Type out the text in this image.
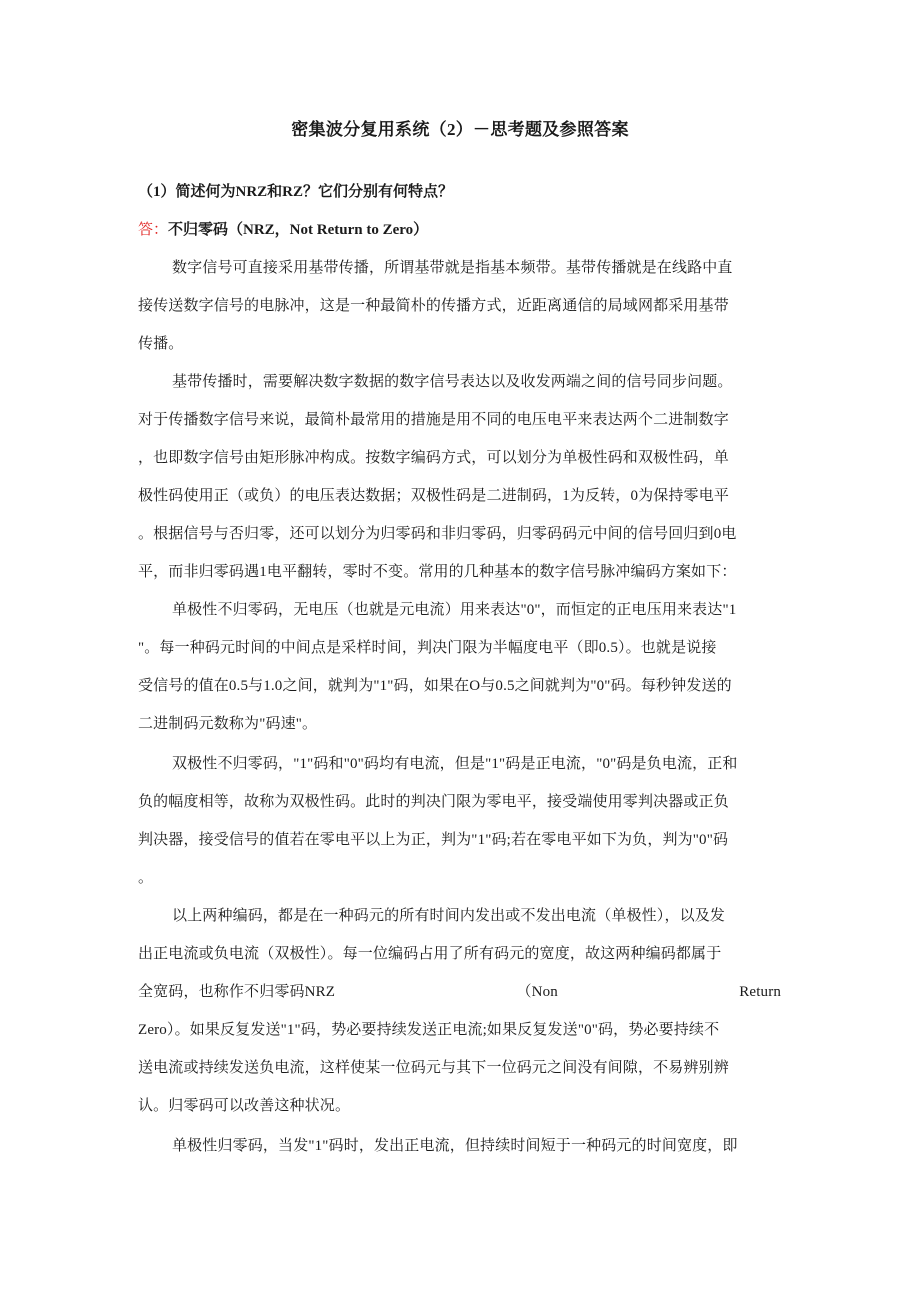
密集波分复用系统（2）－思考题及参照答案
（1）简述何为NRZ和RZ？它们分别有何特点？
答：不归零码（NRZ，Not Return to Zero）
数字信号可直接采用基带传播，所谓基带就是指基本频带。基带传播就是在线路中直
接传送数字信号的电脉冲，这是一种最简朴的传播方式，近距离通信的局域网都采用基带
传播。
基带传播时，需要解决数字数据的数字信号表达以及收发两端之间的信号同步问题。
对于传播数字信号来说，最简朴最常用的措施是用不同的电压电平来表达两个二进制数字
，也即数字信号由矩形脉冲构成。按数字编码方式，可以划分为单极性码和双极性码，单
极性码使用正（或负）的电压表达数据；双极性码是二进制码，1为反转，0为保持零电平
。根据信号与否归零，还可以划分为归零码和非归零码，归零码码元中间的信号回归到0电
平，而非归零码遇1电平翻转，零时不变。常用的几种基本的数字信号脉冲编码方案如下：
单极性不归零码，无电压（也就是元电流）用来表达"0"，而恒定的正电压用来表达"1
"。每一种码元时间的中间点是采样时间，判决门限为半幅度电平（即0.5）。也就是说接
受信号的值在0.5与1.0之间，就判为"1"码，如果在O与0.5之间就判为"0"码。每秒钟发送的
二进制码元数称为"码速"。
双极性不归零码，"1"码和"0"码均有电流，但是"1"码是正电流，"0"码是负电流，正和
负的幅度相等，故称为双极性码。此时的判决门限为零电平，接受端使用零判决器或正负
判决器，接受信号的值若在零电平以上为正，判为"1"码;若在零电平如下为负，判为"0"码
。
以上两种编码，都是在一种码元的所有时间内发出或不发出电流（单极性），以及发
出正电流或负电流（双极性）。每一位编码占用了所有码元的宽度，故这两种编码都属于
全宽码，也称作不归零码NRZ	（Non	Return
Zero）。如果反复发送"1"码，势必要持续发送正电流;如果反复发送"0"码，势必要持续不
送电流或持续发送负电流，这样使某一位码元与其下一位码元之间没有间隙，不易辨别辨
认。归零码可以改善这种状况。
单极性归零码，当发"1"码时，发出正电流，但持续时间短于一种码元的时间宽度，即
